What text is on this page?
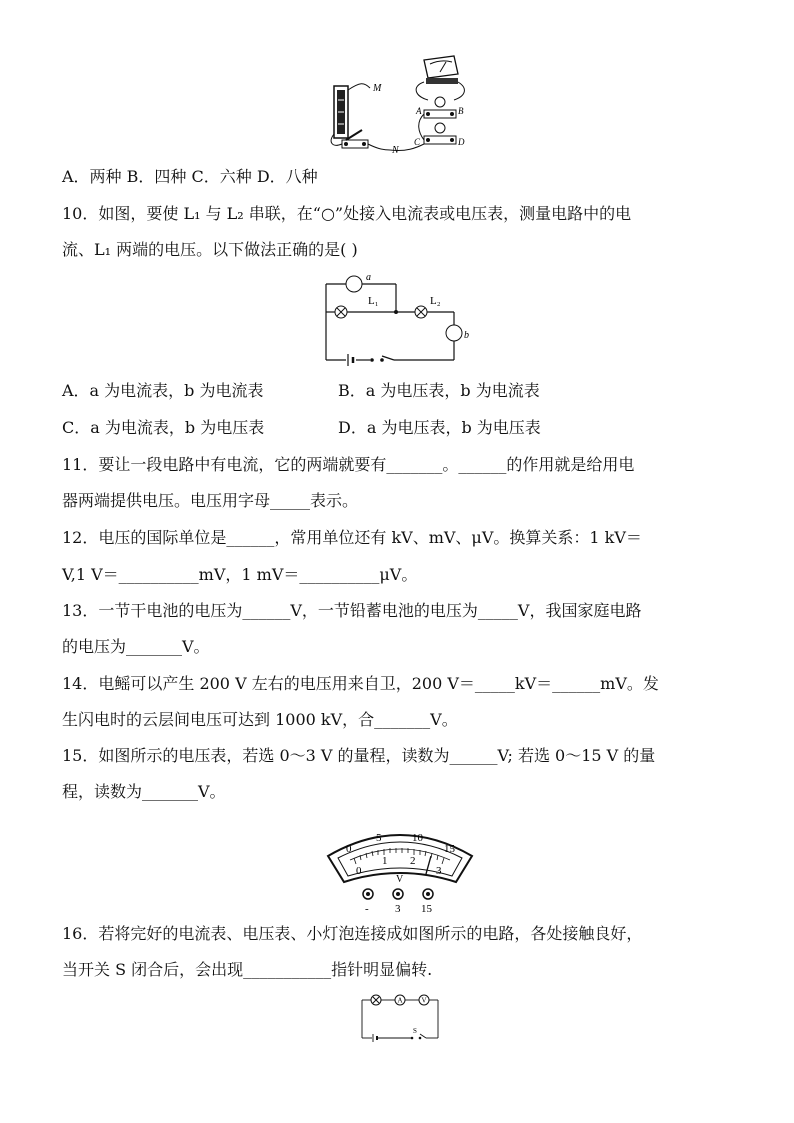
M
N
A	B
C	D
A．两种 B．四种 C．六种 D．八种
10．如图，要使 L₁ 与 L₂ 串联，在“○”处接入电流表或电压表，测量电路中的电
流、L₁ 两端的电压。以下做法正确的是( )
a
L₁	L₂
b
A．a 为电流表，b 为电流表	B．a 为电压表，b 为电流表
C．a 为电流表，b 为电压表	D．a 为电压表，b 为电压表
11．要让一段电路中有电流，它的两端就要有_______。______的作用就是给用电
器两端提供电压。电压用字母_____表示。
12．电压的国际单位是______，常用单位还有 kV、mV、μV。换算关系：1 kV＝
V,1 V＝__________mV，1 mV＝__________μV。
13．一节干电池的电压为______V，一节铅蓄电池的电压为_____V，我国家庭电路
的电压为_______V。
14．电鳐可以产生 200 V 左右的电压用来自卫，200 V＝_____kV＝______mV。发
生闪电时的云层间电压可达到 1000 kV，合_______V。
15．如图所示的电压表，若选 0～3 V 的量程，读数为______V; 若选 0～15 V 的量
程，读数为_______V。
0
5	10
15
0
1 2
3
V
- 3 15
16．若将完好的电流表、电压表、小灯泡连接成如图所示的电路，各处接触良好，
当开关 S 闭合后，会出现___________指针明显偏转.
A	V
S
